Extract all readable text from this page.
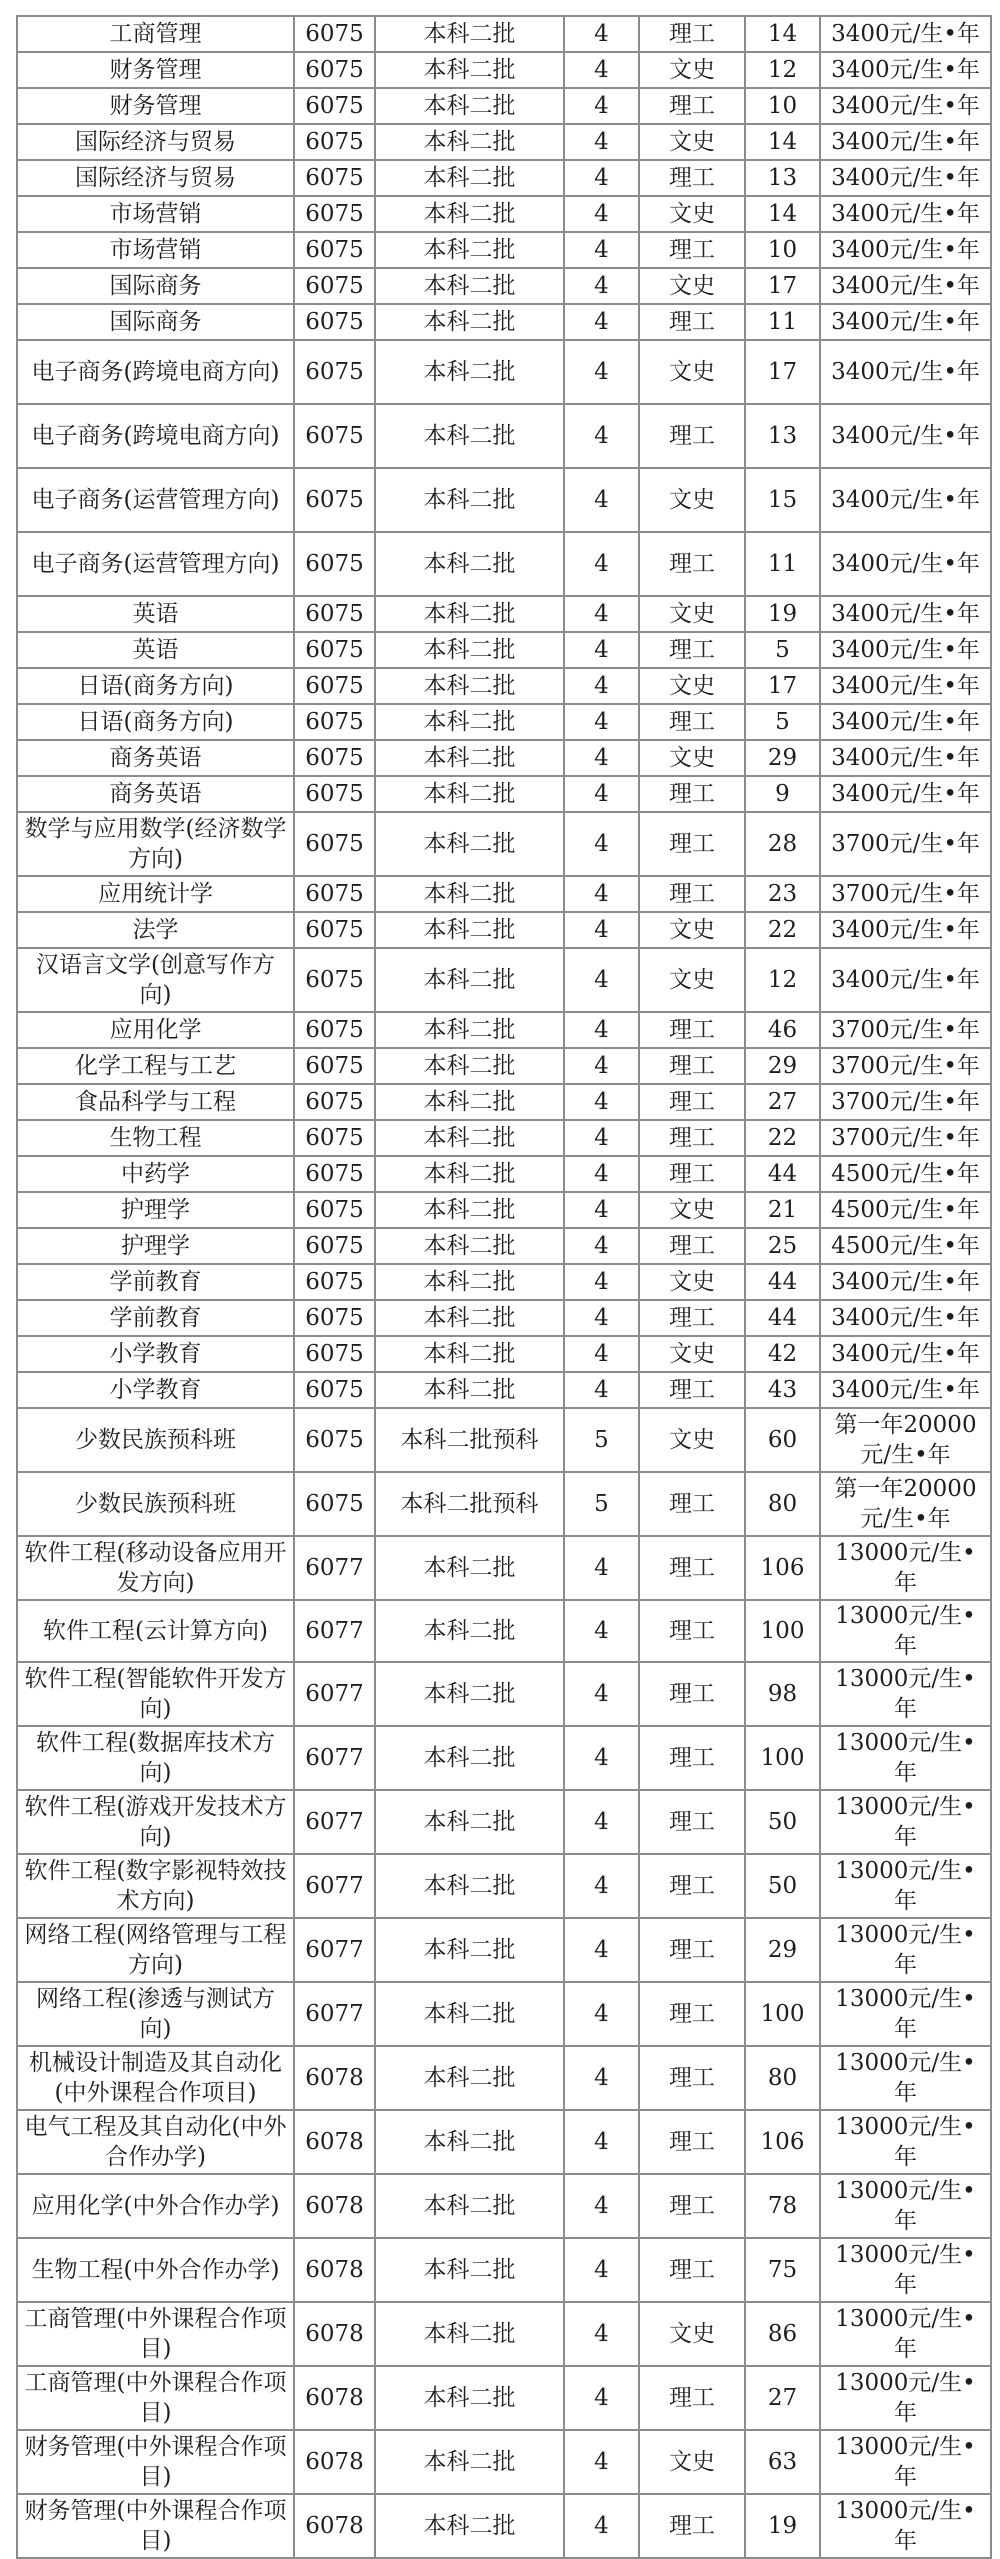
工商管理	6075	本科二批	4	理工	14	3400元/生•年
财务管理	6075	本科二批	4	文史	12	3400元/生•年
财务管理	6075	本科二批	4	理工	10	3400元/生•年
国际经济与贸易	6075	本科二批	4	文史	14	3400元/生•年
国际经济与贸易	6075	本科二批	4	理工	13	3400元/生•年
市场营销	6075	本科二批	4	文史	14	3400元/生•年
市场营销	6075	本科二批	4	理工	10	3400元/生•年
国际商务	6075	本科二批	4	文史	17	3400元/生•年
国际商务	6075	本科二批	4	理工	11	3400元/生•年
电子商务(跨境电商方向)	6075	本科二批	4	文史	17	3400元/生•年
电子商务(跨境电商方向)	6075	本科二批	4	理工	13	3400元/生•年
电子商务(运营管理方向)	6075	本科二批	4	文史	15	3400元/生•年
电子商务(运营管理方向)	6075	本科二批	4	理工	11	3400元/生•年
英语	6075	本科二批	4	文史	19	3400元/生•年
英语	6075	本科二批	4	理工	5	3400元/生•年
日语(商务方向)	6075	本科二批	4	文史	17	3400元/生•年
日语(商务方向)	6075	本科二批	4	理工	5	3400元/生•年
商务英语	6075	本科二批	4	文史	29	3400元/生•年
商务英语	6075	本科二批	4	理工	9	3400元/生•年
数学与应用数学(经济数学方向)	6075	本科二批	4	理工	28	3700元/生•年
应用统计学	6075	本科二批	4	理工	23	3700元/生•年
法学	6075	本科二批	4	文史	22	3400元/生•年
汉语言文学(创意写作方向)	6075	本科二批	4	文史	12	3400元/生•年
应用化学	6075	本科二批	4	理工	46	3700元/生•年
化学工程与工艺	6075	本科二批	4	理工	29	3700元/生•年
食品科学与工程	6075	本科二批	4	理工	27	3700元/生•年
生物工程	6075	本科二批	4	理工	22	3700元/生•年
中药学	6075	本科二批	4	理工	44	4500元/生•年
护理学	6075	本科二批	4	文史	21	4500元/生•年
护理学	6075	本科二批	4	理工	25	4500元/生•年
学前教育	6075	本科二批	4	文史	44	3400元/生•年
学前教育	6075	本科二批	4	理工	44	3400元/生•年
小学教育	6075	本科二批	4	文史	42	3400元/生•年
小学教育	6075	本科二批	4	理工	43	3400元/生•年
少数民族预科班	6075	本科二批预科	5	文史	60	第一年20000元/生•年
少数民族预科班	6075	本科二批预科	5	理工	80	第一年20000元/生•年
软件工程(移动设备应用开发方向)	6077	本科二批	4	理工	106	13000元/生•年
软件工程(云计算方向)	6077	本科二批	4	理工	100	13000元/生•年
软件工程(智能软件开发方向)	6077	本科二批	4	理工	98	13000元/生•年
软件工程(数据库技术方向)	6077	本科二批	4	理工	100	13000元/生•年
软件工程(游戏开发技术方向)	6077	本科二批	4	理工	50	13000元/生•年
软件工程(数字影视特效技术方向)	6077	本科二批	4	理工	50	13000元/生•年
网络工程(网络管理与工程方向)	6077	本科二批	4	理工	29	13000元/生•年
网络工程(渗透与测试方向)	6077	本科二批	4	理工	100	13000元/生•年
机械设计制造及其自动化(中外课程合作项目)	6078	本科二批	4	理工	80	13000元/生•年
电气工程及其自动化(中外合作办学)	6078	本科二批	4	理工	106	13000元/生•年
应用化学(中外合作办学)	6078	本科二批	4	理工	78	13000元/生•年
生物工程(中外合作办学)	6078	本科二批	4	理工	75	13000元/生•年
工商管理(中外课程合作项目)	6078	本科二批	4	文史	86	13000元/生•年
工商管理(中外课程合作项目)	6078	本科二批	4	理工	27	13000元/生•年
财务管理(中外课程合作项目)	6078	本科二批	4	文史	63	13000元/生•年
财务管理(中外课程合作项目)	6078	本科二批	4	理工	19	13000元/生•年
